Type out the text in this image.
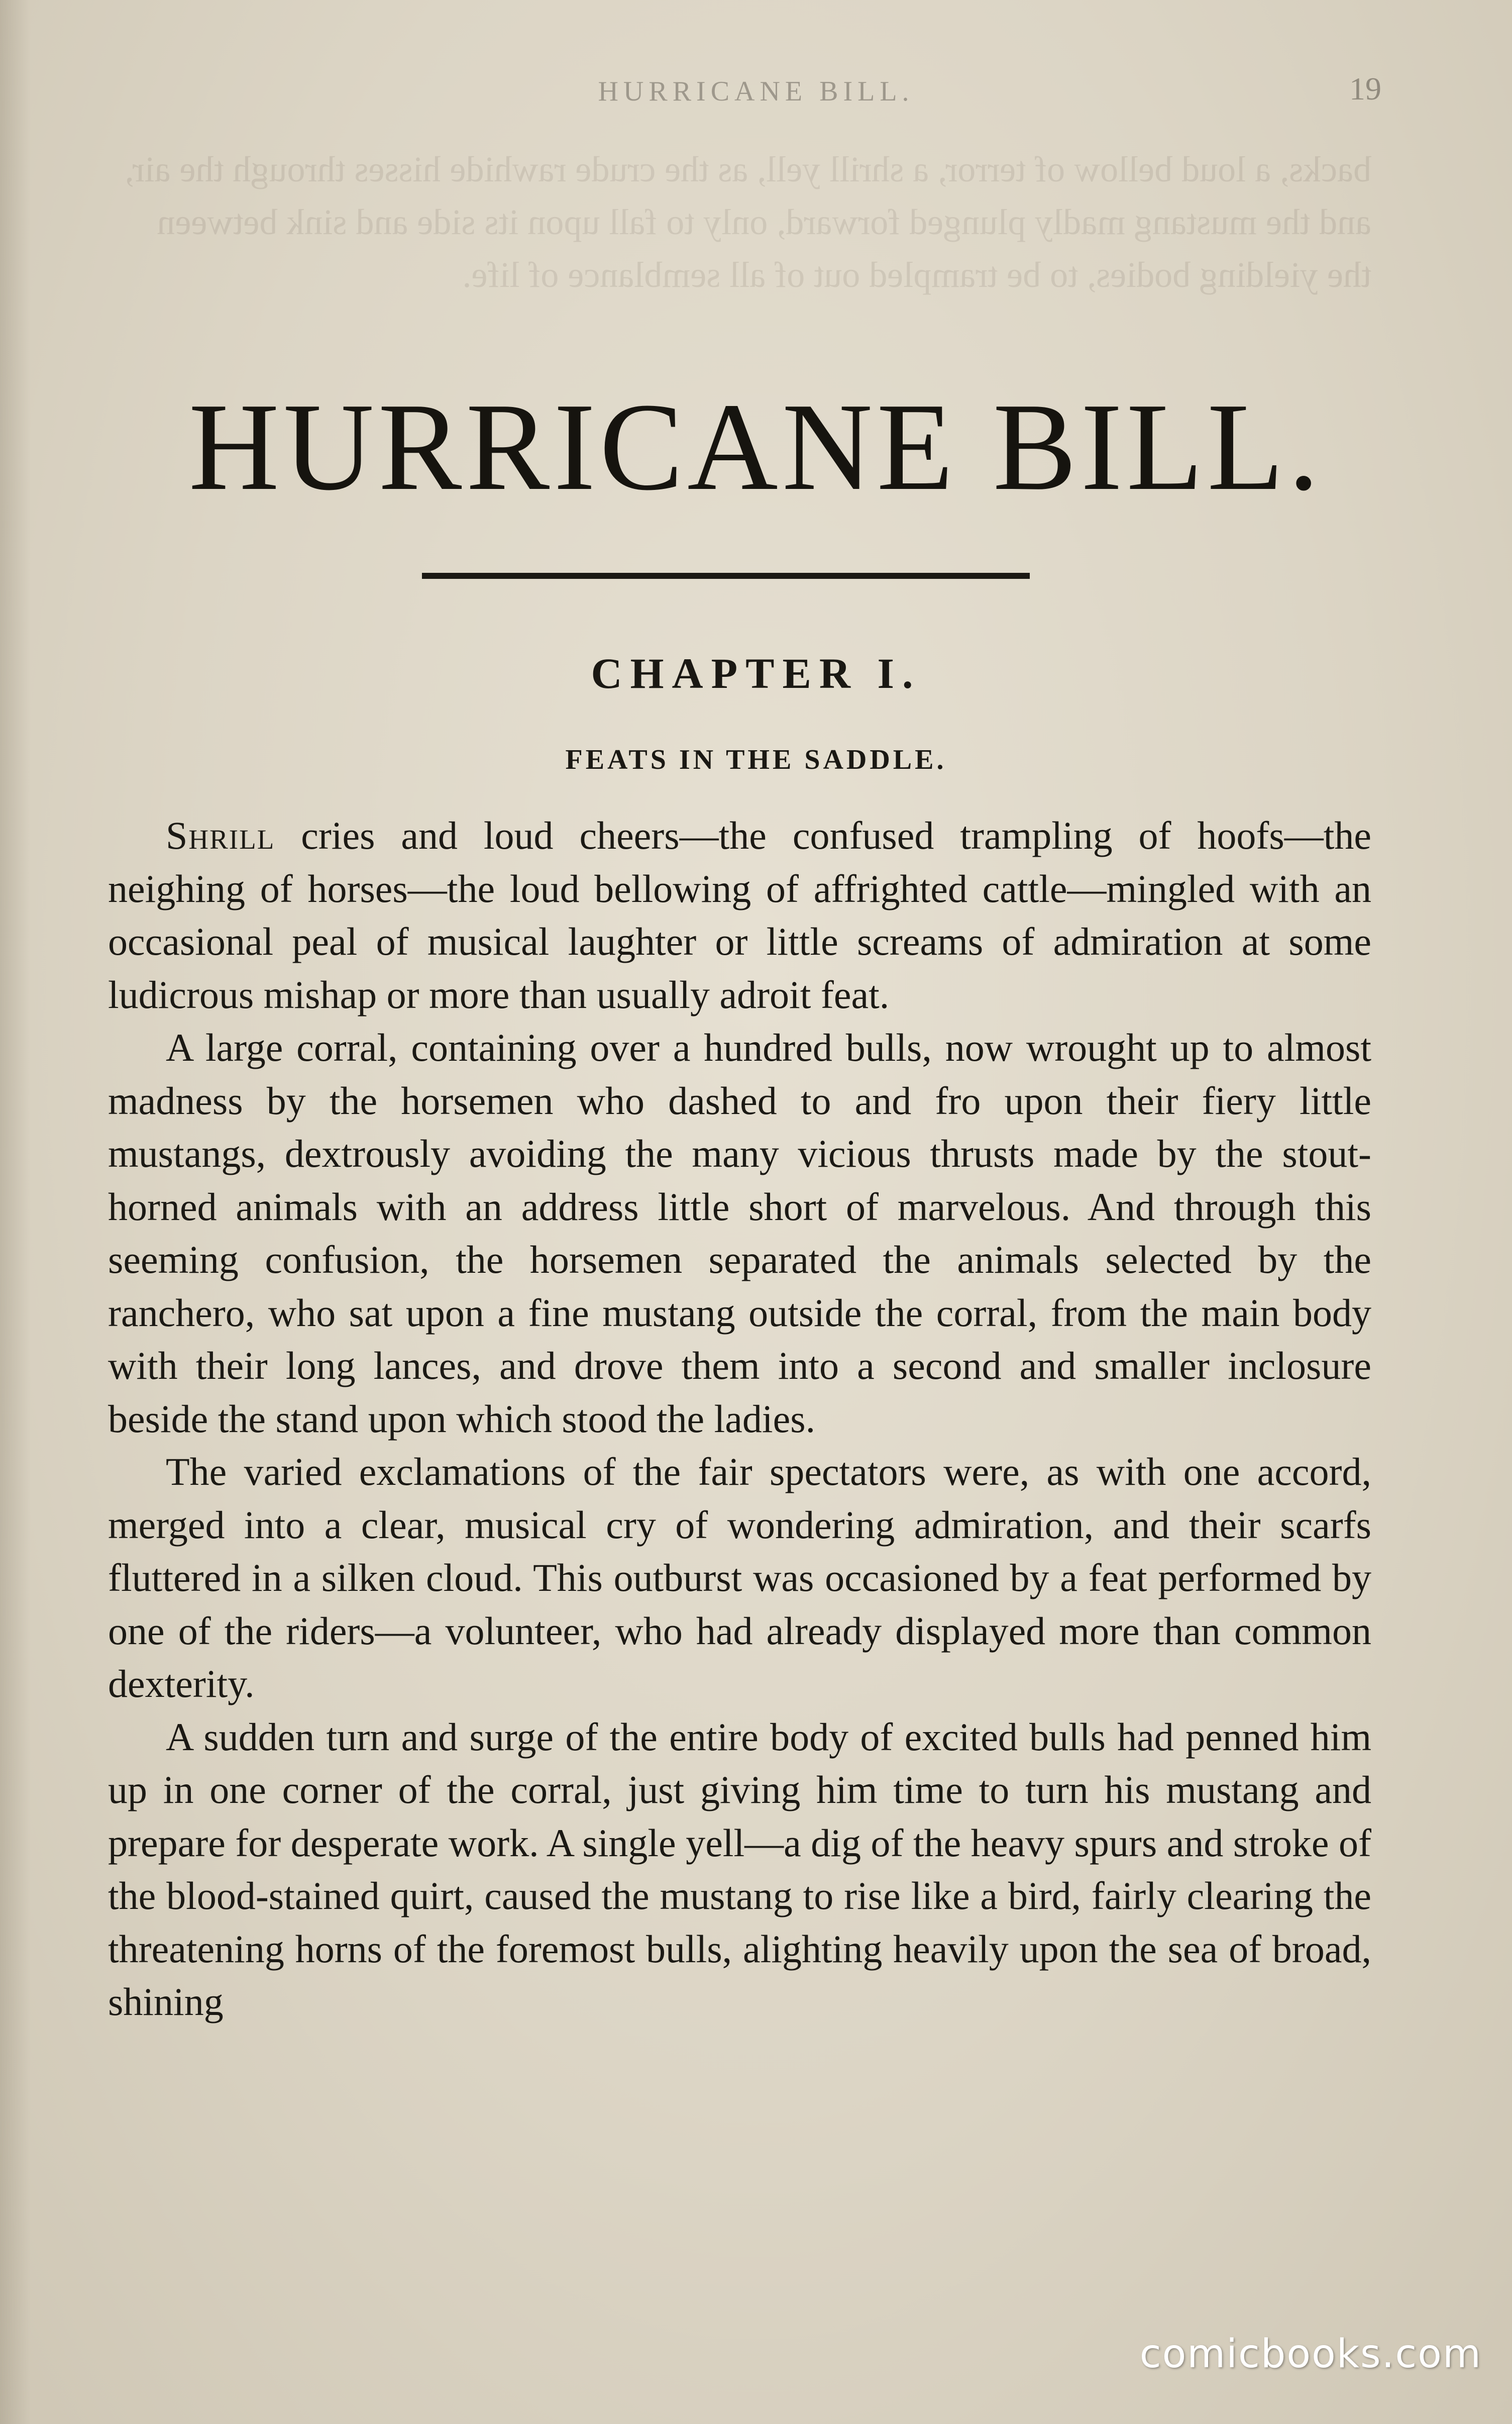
backs, a loud bellow of terror, a shrill yell, as the crude rawhide hisses through the air, and the mustang madly plunged forward, only to fall upon its side and sink between the yielding bodies, to be trampled out of all semblance of life.

HURRICANE BILL.	19
HURRICANE BILL.
CHAPTER I.
FEATS IN THE SADDLE.

Shrill cries and loud cheers—the confused trampling of hoofs—the neighing of horses—the loud bellowing of affrighted cattle—mingled with an occasional peal of musical laughter or little screams of admiration at some ludicrous mishap or more than usually adroit feat.

A large corral, containing over a hundred bulls, now wrought up to almost madness by the horsemen who dashed to and fro upon their fiery little mustangs, dextrously avoiding the many vicious thrusts made by the stout-horned animals with an address little short of marvelous. And through this seeming confusion, the horsemen separated the animals selected by the ranchero, who sat upon a fine mustang outside the corral, from the main body with their long lances, and drove them into a second and smaller inclosure beside the stand upon which stood the ladies.

The varied exclamations of the fair spectators were, as with one accord, merged into a clear, musical cry of wondering admiration, and their scarfs fluttered in a silken cloud. This outburst was occasioned by a feat performed by one of the riders—a volunteer, who had already displayed more than common dexterity.

A sudden turn and surge of the entire body of excited bulls had penned him up in one corner of the corral, just giving him time to turn his mustang and prepare for desperate work. A single yell—a dig of the heavy spurs and stroke of the blood-stained quirt, caused the mustang to rise like a bird, fairly clearing the threatening horns of the foremost bulls, alighting heavily upon the sea of broad, shining

comicbooks.com
